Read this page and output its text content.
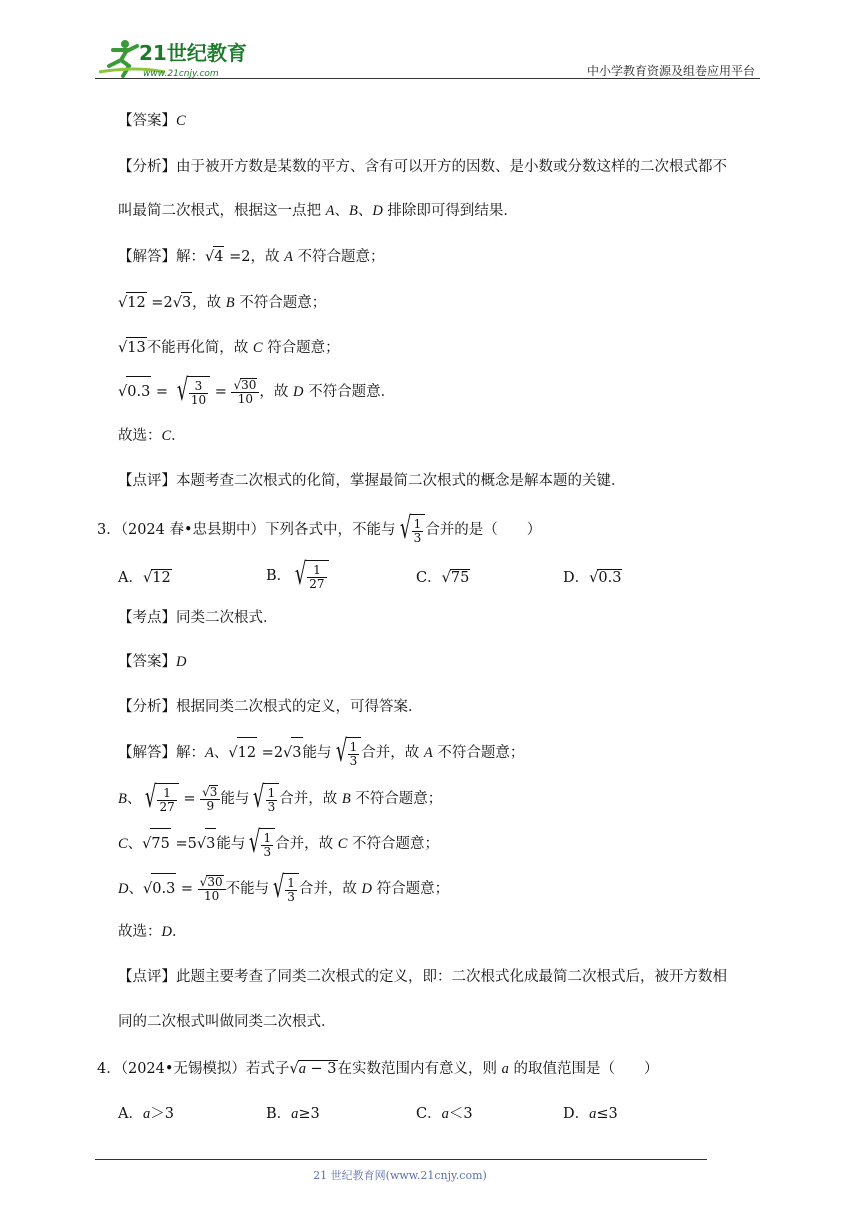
21世纪教育
www.21cnjy.com	中小学教育资源及组卷应用平台
【答案】C
【分析】由于被开方数是某数的平方、含有可以开方的因数、是小数或分数这样的二次根式都不
叫最简二次根式，根据这一点把 A、B、D 排除即可得到结果．
【解答】解：√4 =2，故 A 不符合题意；
√12 =2√3，故 B 不符合题意；
√13不能再化简，故 C 符合题意；
√0.3 = √ $\frac{3}{10} = \frac{√30}{10}$ ，故 D 不符合题意．
故选：C．
【点评】本题考查二次根式的化简，掌握最简二次根式的概念是解本题的关键．
3．（2024 春•忠县期中）下列各式中，不能与 √ $\frac{1}{3}$ 合并的是（　　）
A．√12	B． √ $\frac{1}{27}$	C．√75	D．√0.3
【考点】同类二次根式．
【答案】D
【分析】根据同类二次根式的定义，可得答案．
【解答】解：A、√12 =2√3能与 √ $\frac{1}{3}$ 合并，故 A 不符合题意；
B、 √ $\frac{1}{27} = \frac{√3}{9}$ 能与 √ $\frac{1}{3}$ 合并，故 B 不符合题意；
C、√75 =5√3能与 √ $\frac{1}{3}$ 合并，故 C 不符合题意；
D、$√0.3 = \frac{√30}{10}$ 不能与 √ $\frac{1}{3}$ 合并，故 D 符合题意；
故选：D．
【点评】此题主要考查了同类二次根式的定义，即：二次根式化成最简二次根式后，被开方数相
同的二次根式叫做同类二次根式．
4．（2024•无锡模拟）若式子√a − 3在实数范围内有意义，则 a 的取值范围是（　　）
A．a＞3	B．a≥3	C．a＜3	D．a≤3
21 世纪教育网(www.21cnjy.com)
